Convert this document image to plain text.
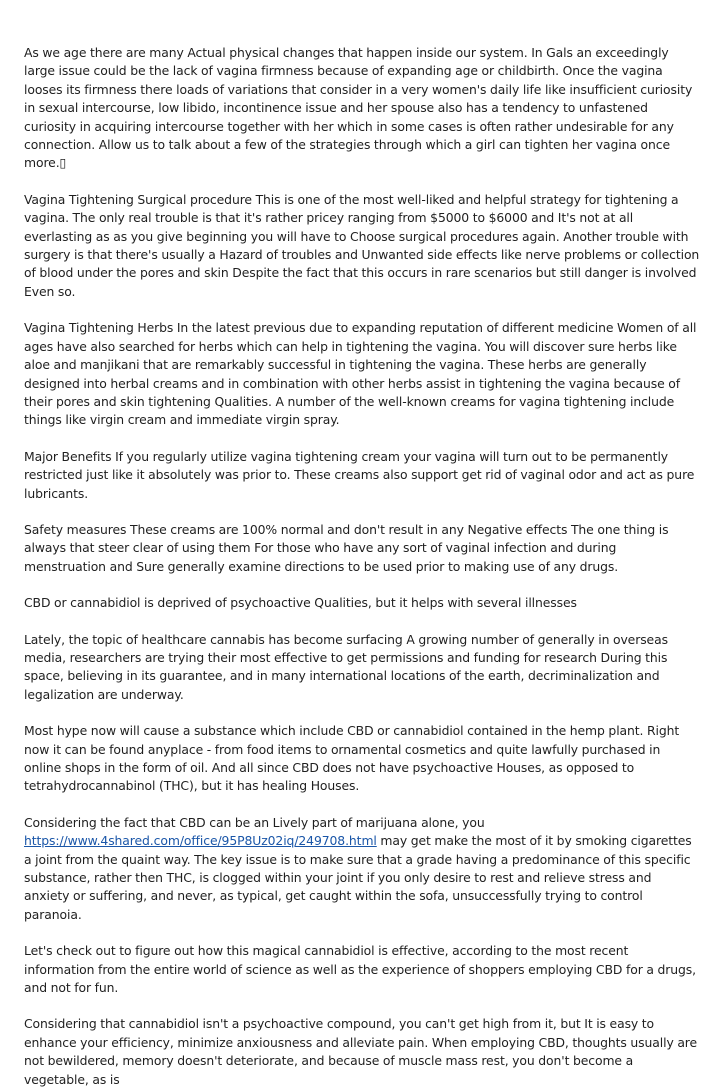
As we age there are many Actual physical changes that happen inside our system. In Gals an exceedingly large issue could be the lack of vagina firmness because of expanding age or childbirth. Once the vagina looses its firmness there loads of variations that consider in a very women's daily life like insufficient curiosity in sexual intercourse, low libido, incontinence issue and her spouse also has a tendency to unfastened curiosity in acquiring intercourse together with her which in some cases is often rather undesirable for any connection. Allow us to talk about a few of the strategies through which a girl can tighten her vagina once more.▯

Vagina Tightening Surgical procedure This is one of the most well-liked and helpful strategy for tightening a vagina. The only real trouble is that it's rather pricey ranging from $5000 to $6000 and It's not at all everlasting as as you give beginning you will have to Choose surgical procedures again. Another trouble with surgery is that there's usually a Hazard of troubles and Unwanted side effects like nerve problems or collection of blood under the pores and skin Despite the fact that this occurs in rare scenarios but still danger is involved Even so.

Vagina Tightening Herbs In the latest previous due to expanding reputation of different medicine Women of all ages have also searched for herbs which can help in tightening the vagina. You will discover sure herbs like aloe and manjikani that are remarkably successful in tightening the vagina. These herbs are generally designed into herbal creams and in combination with other herbs assist in tightening the vagina because of their pores and skin tightening Qualities. A number of the well-known creams for vagina tightening include things like virgin cream and immediate virgin spray.

Major Benefits If you regularly utilize vagina tightening cream your vagina will turn out to be permanently restricted just like it absolutely was prior to. These creams also support get rid of vaginal odor and act as pure lubricants.

Safety measures These creams are 100% normal and don't result in any Negative effects The one thing is always that steer clear of using them For those who have any sort of vaginal infection and during menstruation and Sure generally examine directions to be used prior to making use of any drugs.

CBD or cannabidiol is deprived of psychoactive Qualities, but it helps with several illnesses

Lately, the topic of healthcare cannabis has become surfacing A growing number of generally in overseas media, researchers are trying their most effective to get permissions and funding for research During this space, believing in its guarantee, and in many international locations of the earth, decriminalization and legalization are underway.

Most hype now will cause a substance which include CBD or cannabidiol contained in the hemp plant. Right now it can be found anyplace - from food items to ornamental cosmetics and quite lawfully purchased in online shops in the form of oil. And all since CBD does not have psychoactive Houses, as opposed to tetrahydrocannabinol (THC), but it has healing Houses.

Considering the fact that CBD can be an Lively part of marijuana alone, you https://www.4shared.com/office/95P8Uz02iq/249708.html may get make the most of it by smoking cigarettes a joint from the quaint way. The key issue is to make sure that a grade having a predominance of this specific substance, rather then THC, is clogged within your joint if you only desire to rest and relieve stress and anxiety or suffering, and never, as typical, get caught within the sofa, unsuccessfully trying to control paranoia.

Let's check out to figure out how this magical cannabidiol is effective, according to the most recent information from the entire world of science as well as the experience of shoppers employing CBD for a drugs, and not for fun.

Considering that cannabidiol isn't a psychoactive compound, you can't get high from it, but It is easy to enhance your efficiency, minimize anxiousness and alleviate pain. When employing CBD, thoughts usually are not bewildered, memory doesn't deteriorate, and because of muscle mass rest, you don't become a vegetable, as is
